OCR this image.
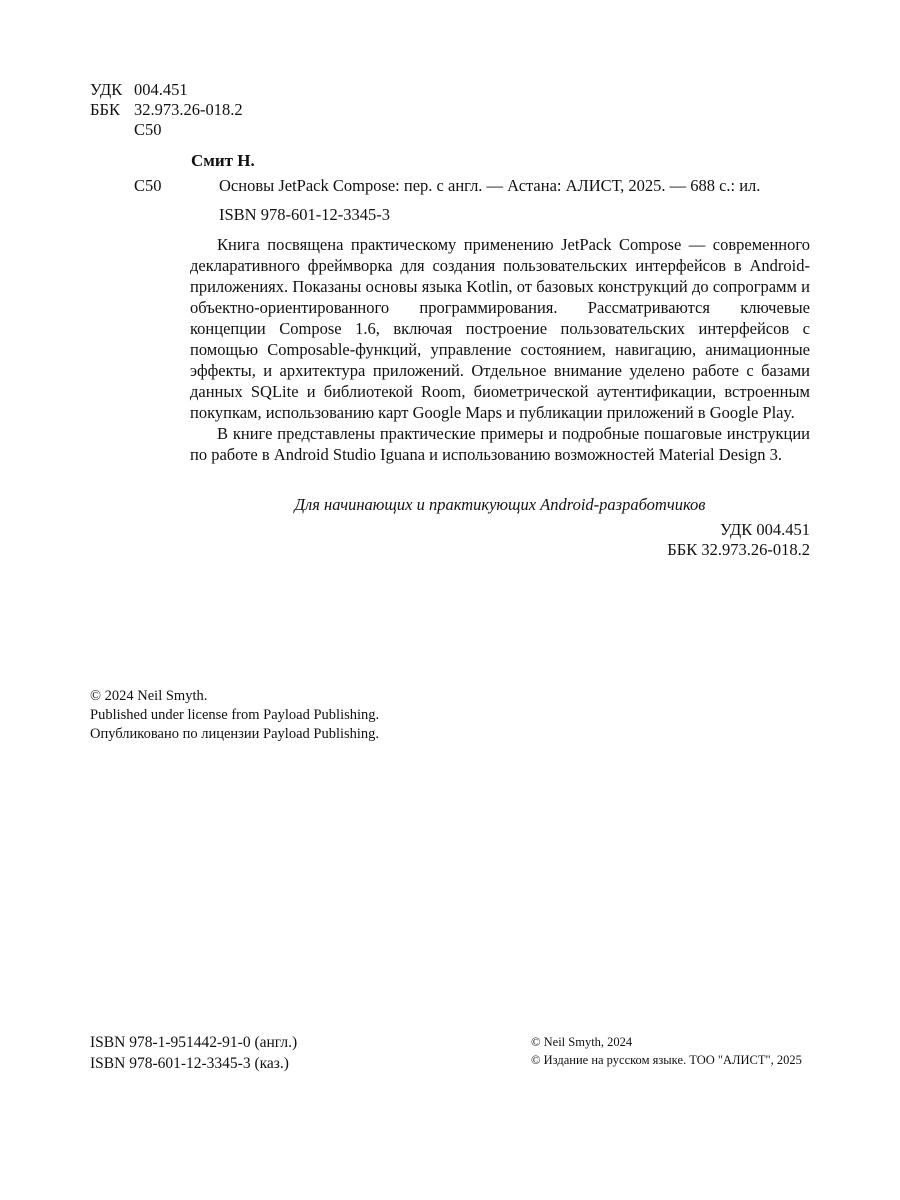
УДК 004.451
ББК 32.973.26-018.2
С50
Смит Н.
С50	Основы JetPack Compose: пер. с англ. — Астана: АЛИСТ, 2025. — 688 с.: ил.
ISBN 978-601-12-3345-3

Книга посвящена практическому применению JetPack Compose — современного декларативного фреймворка для создания пользовательских интерфейсов в Android-приложениях. Показаны основы языка Kotlin, от базовых конструкций до сопрограмм и объектно-ориентированного программирования. Рассматриваются ключевые концепции Compose 1.6, включая построение пользовательских интерфейсов с помощью Composable-функций, управление состоянием, навигацию, анимационные эффекты, и архитектура приложений. Отдельное внимание уделено работе с базами данных SQLite и библиотекой Room, биометрической аутентификации, встроенным покупкам, использованию карт Google Maps и публикации приложений в Google Play.

В книге представлены практические примеры и подробные пошаговые инструкции по работе в Android Studio Iguana и использованию возможностей Material Design 3.

Для начинающих и практикующих Android-разработчиков
УДК 004.451
ББК 32.973.26-018.2
© 2024 Neil Smyth.
Published under license from Payload Publishing.
Опубликовано по лицензии Payload Publishing.
ISBN 978-1-951442-91-0 (англ.)
ISBN 978-601-12-3345-3 (каз.)
© Neil Smyth, 2024
© Издание на русском языке. ТОО "АЛИСТ", 2025
